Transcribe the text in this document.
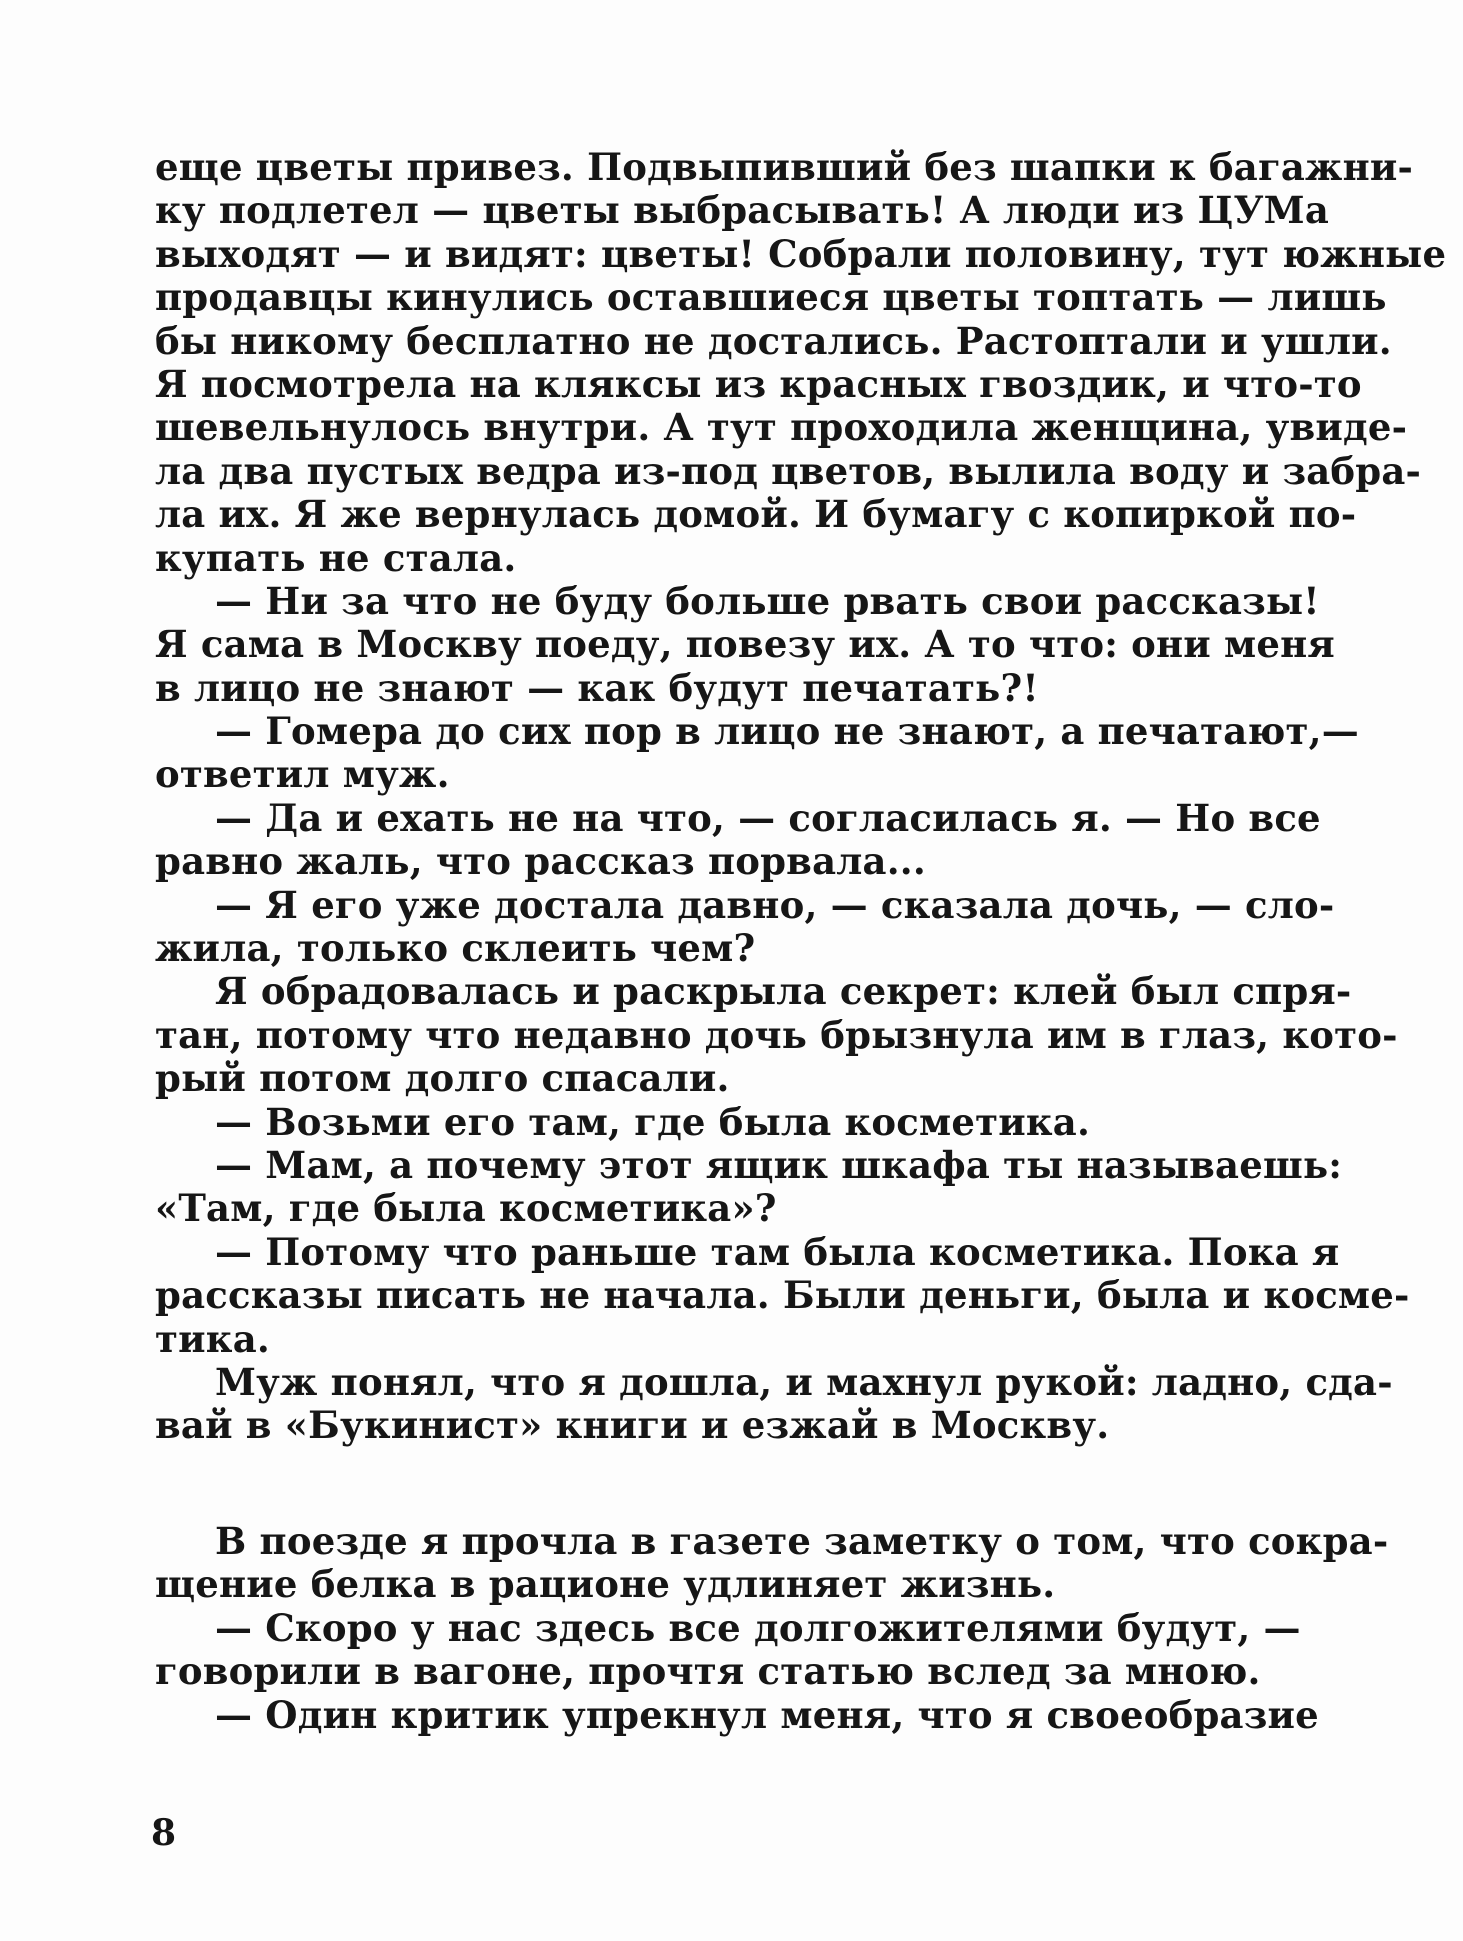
еще цветы привез. Подвыпивший без шапки к багажни-
ку подлетел — цветы выбрасывать! А люди из ЦУМа
выходят — и видят: цветы! Собрали половину, тут южные
продавцы кинулись оставшиеся цветы топтать — лишь
бы никому бесплатно не достались. Растоптали и ушли.
Я посмотрела на кляксы из красных гвоздик, и что-то
шевельнулось внутри. А тут проходила женщина, увиде-
ла два пустых ведра из-под цветов, вылила воду и забра-
ла их. Я же вернулась домой. И бумагу с копиркой по-
купать не стала.
— Ни за что не буду больше рвать свои рассказы!
Я сама в Москву поеду, повезу их. А то что: они меня
в лицо не знают — как будут печатать?!
— Гомера до сих пор в лицо не знают, а печатают,—
ответил муж.
— Да и ехать не на что, — согласилась я. — Но все
равно жаль, что рассказ порвала...
— Я его уже достала давно, — сказала дочь, — сло-
жила, только склеить чем?
Я обрадовалась и раскрыла секрет: клей был спря-
тан, потому что недавно дочь брызнула им в глаз, кото-
рый потом долго спасали.
— Возьми его там, где была косметика.
— Мам, а почему этот ящик шкафа ты называешь:
«Там, где была косметика»?
— Потому что раньше там была косметика. Пока я
рассказы писать не начала. Были деньги, была и косме-
тика.
Муж понял, что я дошла, и махнул рукой: ладно, сда-
вай в «Букинист» книги и езжай в Москву.
В поезде я прочла в газете заметку о том, что сокра-
щение белка в рационе удлиняет жизнь.
— Скоро у нас здесь все долгожителями будут, —
говорили в вагоне, прочтя статью вслед за мною.
— Один критик упрекнул меня, что я своеобразие
8
